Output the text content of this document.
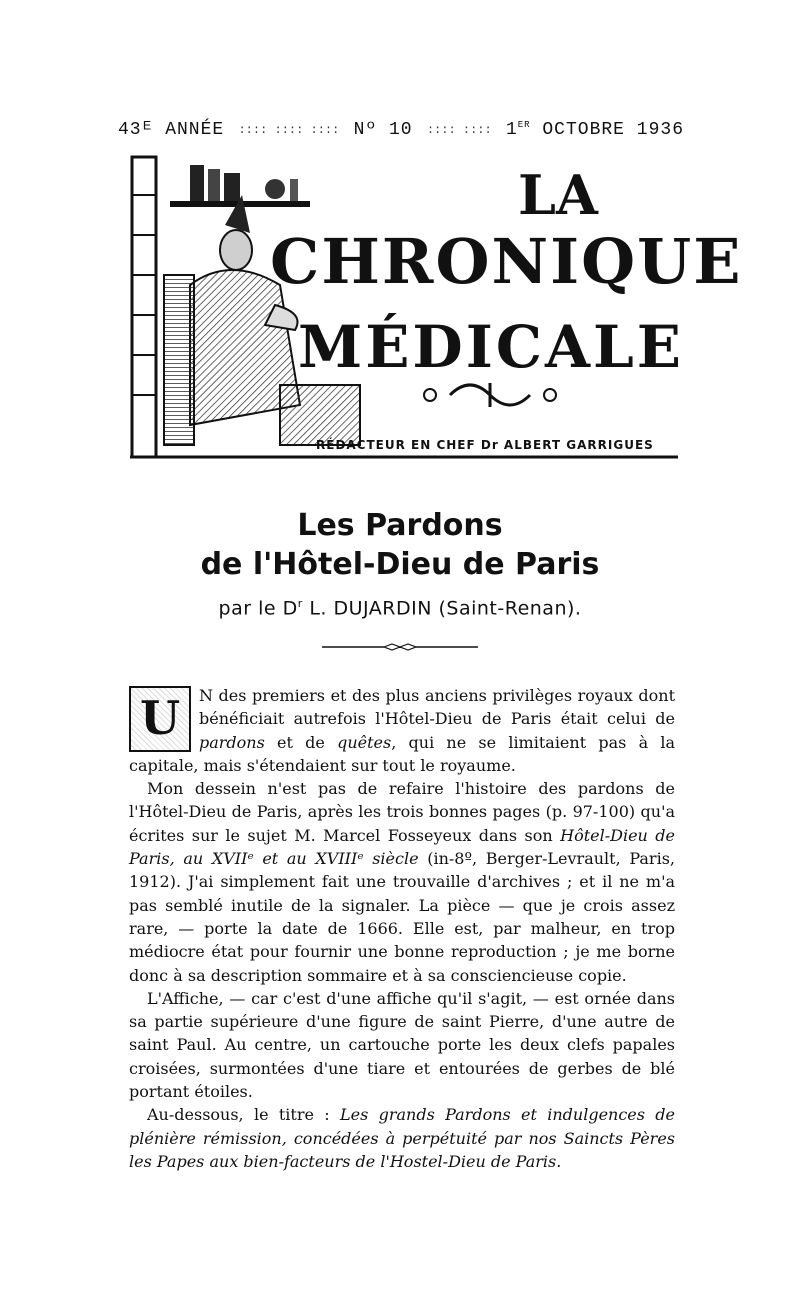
43ᴱ ANNÉE :::: :::: :::: Nº 10 :::: :::: 1ER OCTOBRE 1936
LA
CHRONIQUE
MÉDICALE
RÉDACTEUR EN CHEF Dr ALBERT GARRIGUES
Les Pardons
de l'Hôtel-Dieu de Paris
par le $D^r$ L. DUJARDIN (Saint-Renan).

U	N des premiers et des plus anciens privilèges royaux dont bénéficiait autrefois l'Hôtel-Dieu de Paris était celui de pardons et de quêtes, qui ne se limitaient pas à la capitale, mais s'étendaient sur tout le royaume.

Mon dessein n'est pas de refaire l'histoire des pardons de l'Hôtel-Dieu de Paris, après les trois bonnes pages (p. 97-100) qu'a écrites sur le sujet M. Marcel Fosseyeux dans son Hôtel-Dieu de Paris, au XVIIᵉ et au XVIIIᵉ siècle (in-8º, Berger-Levrault, Paris, 1912). J'ai simplement fait une trouvaille d'archives ; et il ne m'a pas semblé inutile de la signaler. La pièce — que je crois assez rare, — porte la date de 1666. Elle est, par malheur, en trop médiocre état pour fournir une bonne reproduction ; je me borne donc à sa description sommaire et à sa consciencieuse copie.

L'Affiche, — car c'est d'une affiche qu'il s'agit, — est ornée dans sa partie supérieure d'une figure de saint Pierre, d'une autre de saint Paul. Au centre, un cartouche porte les deux clefs papales croisées, surmontées d'une tiare et entourées de gerbes de blé portant étoiles.

Au-dessous, le titre : Les grands Pardons et indulgences de plénière rémission, concédées à perpétuité par nos Saincts Pères les Papes aux bien-facteurs de l'Hostel-Dieu de Paris.
